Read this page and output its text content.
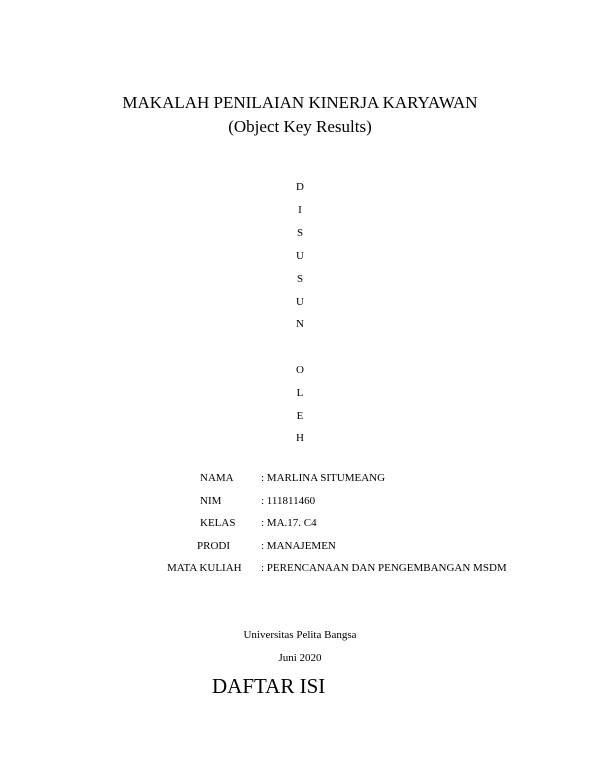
MAKALAH PENILAIAN KINERJA KARYAWAN
(Object Key Results)
D
I
S
U
S
U
N
O
L
E
H
NAMA : MARLINA SITUMEANG
NIM	: 111811460
KELAS : MA.17. C4
PRODI	: MANAJEMEN
MATA KULIAH : PERENCANAAN DAN PENGEMBANGAN MSDM
Universitas Pelita Bangsa
Juni 2020
DAFTAR ISI
